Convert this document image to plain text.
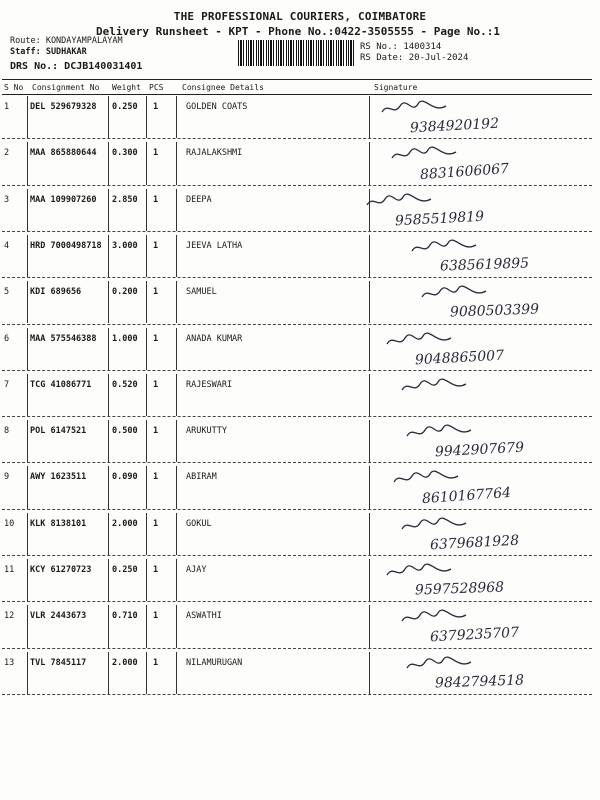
THE PROFESSIONAL COURIERS, COIMBATORE
Delivery Runsheet - KPT - Phone No.:0422-3505555 - Page No.:1
Route: KONDAYAMPALAYAM
Staff: SUDHAKAR
DRS No.: DCJB140031401
RS No.: 1400314
RS Date: 20-Jul-2024
S No Consignment No Weight PCS Consignee Details	Signature
1 DEL 529679328 0.250 1	GOLDEN COATS
9384920192
2 MAA 865880644 0.300 1	RAJALAKSHMI
8831606067
3 MAA 109907260 2.850 1	DEEPA
9585519819
4 HRD 7000498718 3.000 1	JEEVA LATHA
6385619895
5 KDI 689656	0.200 1	SAMUEL
9080503399
6 MAA 575546388 1.000 1	ANADA KUMAR
9048865007
7 TCG 41086771 0.520 1	RAJESWARI
8 POL 6147521	0.500 1	ARUKUTTY
9942907679
9 AWY 1623511	0.090 1	ABIRAM
8610167764
10 KLK 8138101	2.000 1	GOKUL
6379681928
11 KCY 61270723 0.250 1	AJAY
9597528968
12 VLR 2443673	0.710 1	ASWATHI
6379235707
13 TVL 7845117	2.000 1	NILAMURUGAN
9842794518
